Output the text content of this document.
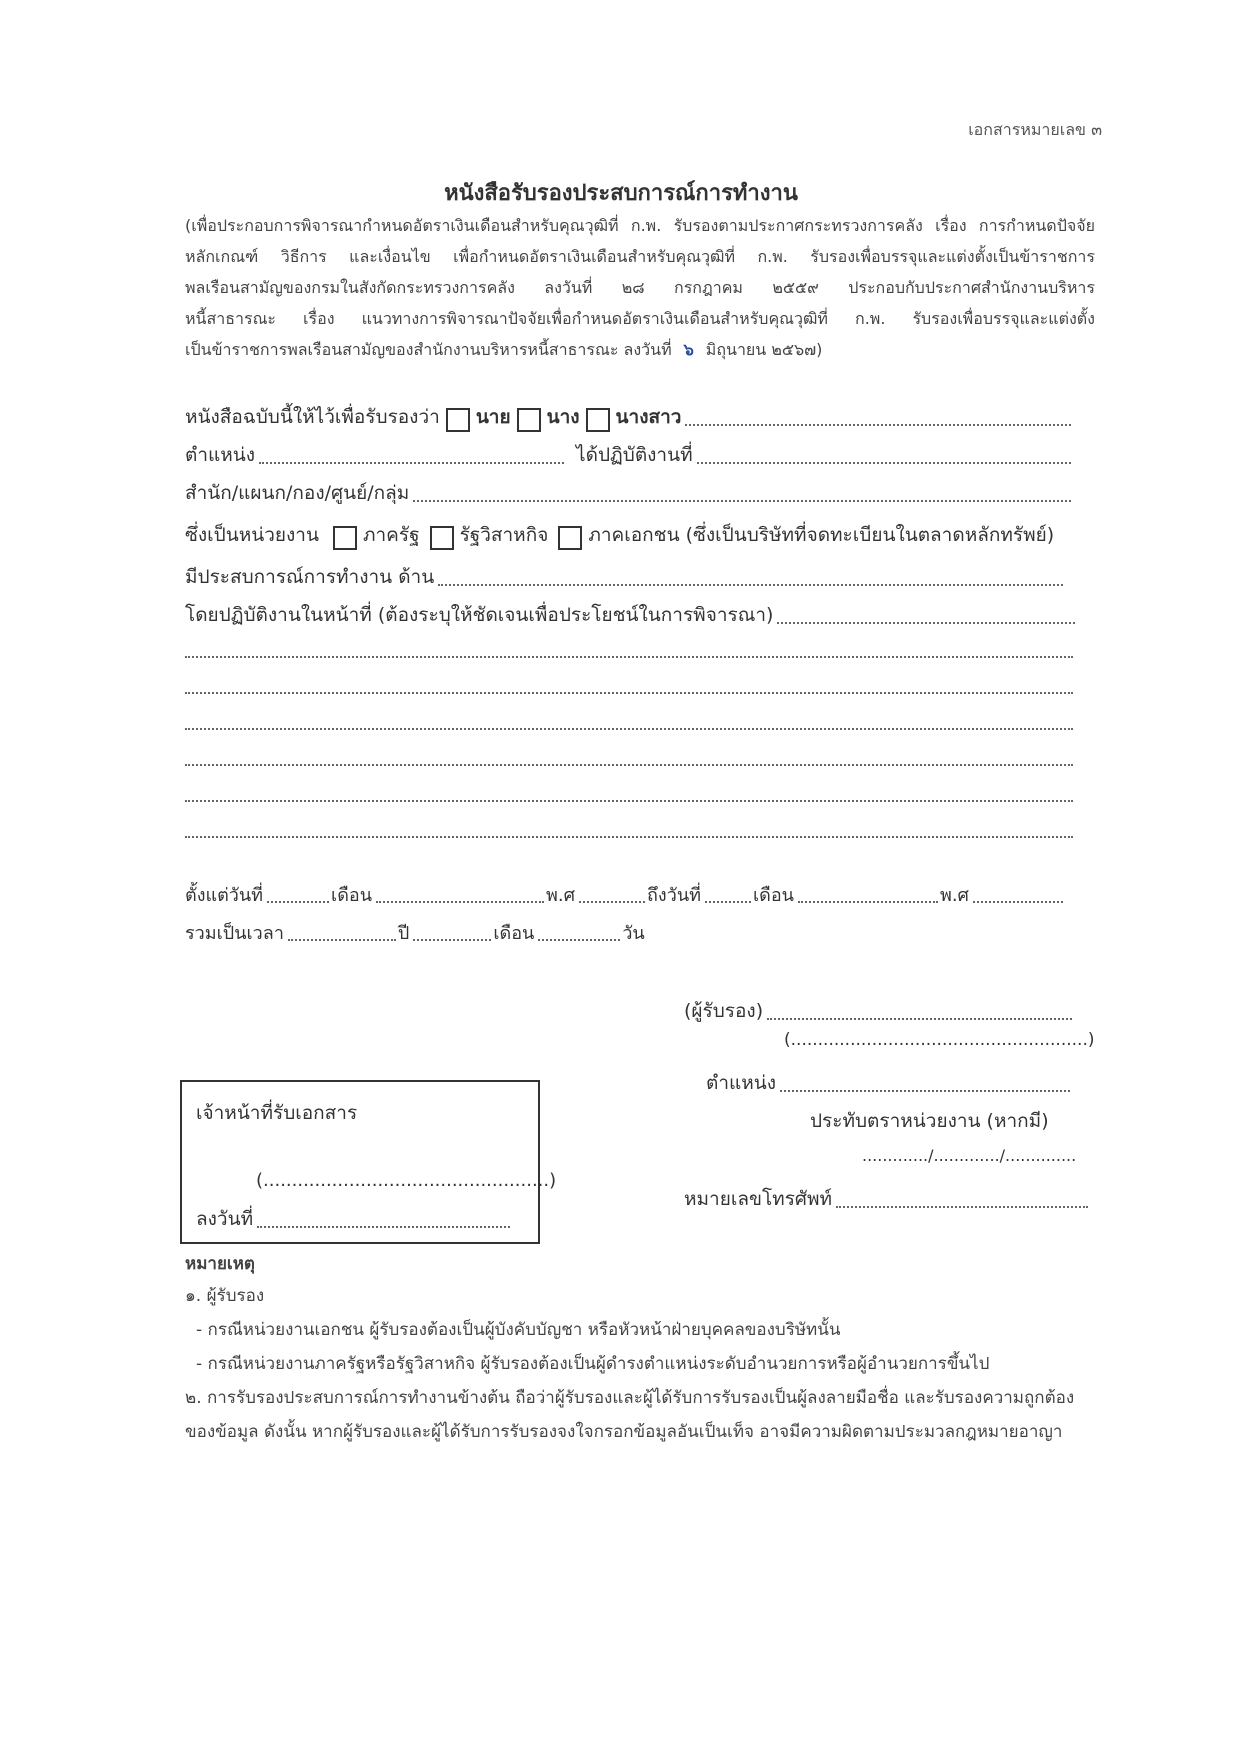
เอกสารหมายเลข ๓
หนังสือรับรองประสบการณ์การทำงาน
(เพื่อประกอบการพิจารณากำหนดอัตราเงินเดือนสำหรับคุณวุฒิที่ ก.พ. รับรองตามประกาศกระทรวงการคลัง เรื่อง การกำหนดปัจจัย
หลักเกณฑ์ วิธีการ และเงื่อนไข เพื่อกำหนดอัตราเงินเดือนสำหรับคุณวุฒิที่ ก.พ. รับรองเพื่อบรรจุและแต่งตั้งเป็นข้าราชการ
พลเรือนสามัญของกรมในสังกัดกระทรวงการคลัง ลงวันที่ ๒๘ กรกฎาคม ๒๕๕๙ ประกอบกับประกาศสำนักงานบริหาร
หนี้สาธารณะ เรื่อง แนวทางการพิจารณาปัจจัยเพื่อกำหนดอัตราเงินเดือนสำหรับคุณวุฒิที่ ก.พ. รับรองเพื่อบรรจุและแต่งตั้ง
เป็นข้าราชการพลเรือนสามัญของสำนักงานบริหารหนี้สาธารณะ ลงวันที่ ๖ มิถุนายน ๒๕๖๗)
หนังสือฉบับนี้ให้ไว้เพื่อรับรองว่า นาย นาง นางสาว
ตำแหน่ง	ได้ปฏิบัติงานที่
สำนัก/แผนก/กอง/ศูนย์/กลุ่ม
ซึ่งเป็นหน่วยงาน ภาครัฐ รัฐวิสาหกิจ ภาคเอกชน (ซึ่งเป็นบริษัทที่จดทะเบียนในตลาดหลักทรัพย์)
มีประสบการณ์การทำงาน ด้าน
โดยปฏิบัติงานในหน้าที่ (ต้องระบุให้ชัดเจนเพื่อประโยชน์ในการพิจารณา)
ตั้งแต่วันที่	เดือน	พ.ศ	ถึงวันที่	เดือน	พ.ศ
รวมเป็นเวลา	ปี	เดือน	วัน
(ผู้รับรอง)
(.......................................................)
ตำแหน่ง
ประทับตราหน่วยงาน (หากมี)
............./............./..............
หมายเลขโทรศัพท์
เจ้าหน้าที่รับเอกสาร
(..................................................)
ลงวันที่
หมายเหตุ
๑. ผู้รับรอง
- กรณีหน่วยงานเอกชน ผู้รับรองต้องเป็นผู้บังคับบัญชา หรือหัวหน้าฝ่ายบุคคลของบริษัทนั้น
- กรณีหน่วยงานภาครัฐหรือรัฐวิสาหกิจ ผู้รับรองต้องเป็นผู้ดำรงตำแหน่งระดับอำนวยการหรือผู้อำนวยการขึ้นไป
๒. การรับรองประสบการณ์การทำงานข้างต้น ถือว่าผู้รับรองและผู้ได้รับการรับรองเป็นผู้ลงลายมือชื่อ และรับรองความถูกต้อง
ของข้อมูล ดังนั้น หากผู้รับรองและผู้ได้รับการรับรองจงใจกรอกข้อมูลอันเป็นเท็จ อาจมีความผิดตามประมวลกฎหมายอาญา
